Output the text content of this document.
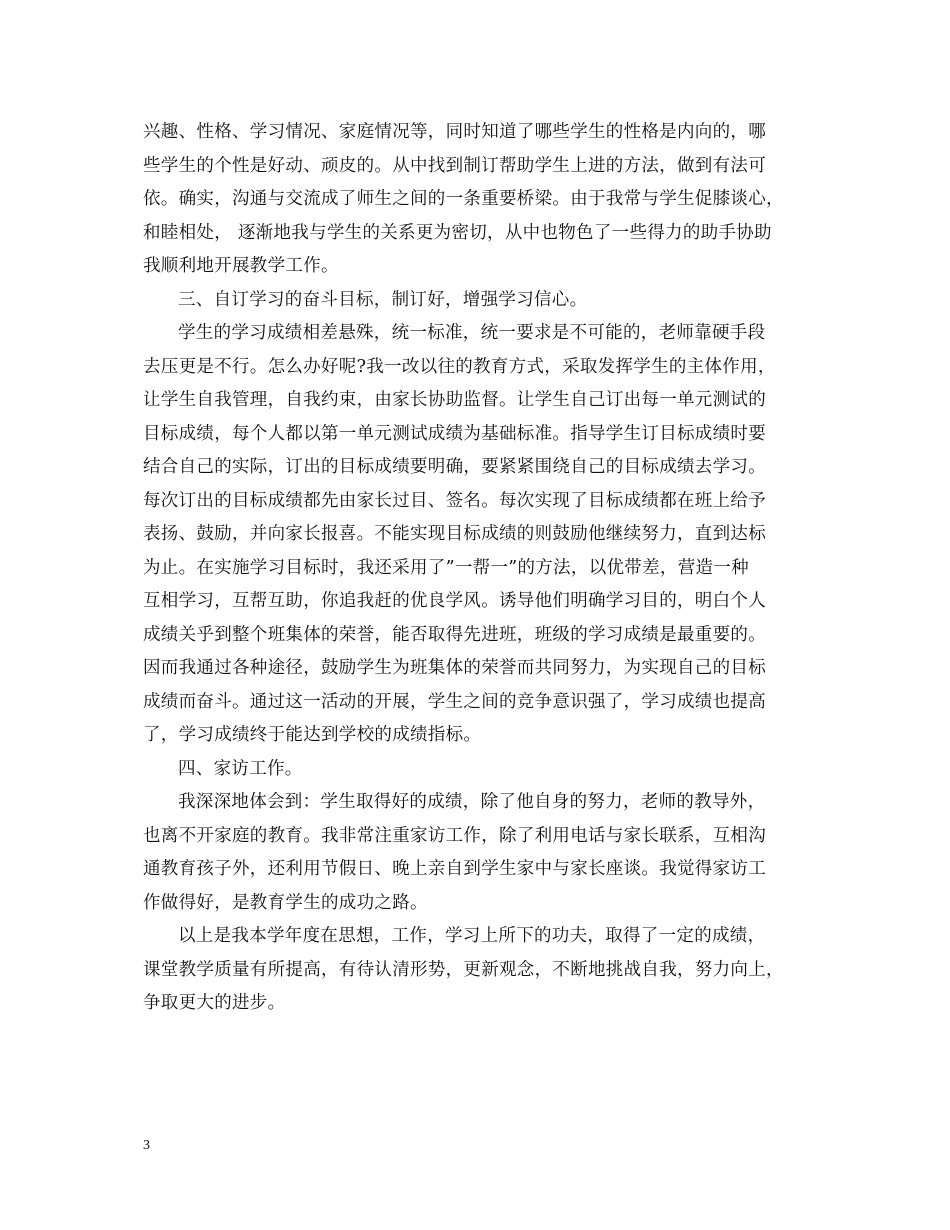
兴趣、性格、学习情况、家庭情况等，同时知道了哪些学生的性格是内向的，哪
些学生的个性是好动、顽皮的。从中找到制订帮助学生上进的方法，做到有法可
依。确实，沟通与交流成了师生之间的一条重要桥梁。由于我常与学生促膝谈心，
和睦相处， 逐渐地我与学生的关系更为密切，从中也物色了一些得力的助手协助
我顺利地开展教学工作。
三、自订学习的奋斗目标，制订好，增强学习信心。
学生的学习成绩相差悬殊，统一标准，统一要求是不可能的，老师靠硬手段
去压更是不行。怎么办好呢?我一改以往的教育方式，采取发挥学生的主体作用，
让学生自我管理，自我约束，由家长协助监督。让学生自己订出每一单元测试的
目标成绩，每个人都以第一单元测试成绩为基础标准。指导学生订目标成绩时要
结合自己的实际，订出的目标成绩要明确，要紧紧围绕自己的目标成绩去学习。
每次订出的目标成绩都先由家长过目、签名。每次实现了目标成绩都在班上给予
表扬、鼓励，并向家长报喜。不能实现目标成绩的则鼓励他继续努力，直到达标
为止。在实施学习目标时，我还采用了”一帮一”的方法，以优带差，营造一种
互相学习，互帮互助，你追我赶的优良学风。诱导他们明确学习目的，明白个人
成绩关乎到整个班集体的荣誉，能否取得先进班，班级的学习成绩是最重要的。
因而我通过各种途径，鼓励学生为班集体的荣誉而共同努力，为实现自己的目标
成绩而奋斗。通过这一活动的开展，学生之间的竞争意识强了，学习成绩也提高
了，学习成绩终于能达到学校的成绩指标。
四、家访工作。
我深深地体会到：学生取得好的成绩，除了他自身的努力，老师的教导外，
也离不开家庭的教育。我非常注重家访工作，除了利用电话与家长联系，互相沟
通教育孩子外，还利用节假日、晚上亲自到学生家中与家长座谈。我觉得家访工
作做得好，是教育学生的成功之路。
以上是我本学年度在思想，工作，学习上所下的功夫，取得了一定的成绩，
课堂教学质量有所提高，有待认清形势，更新观念，不断地挑战自我，努力向上，
争取更大的进步。
3
